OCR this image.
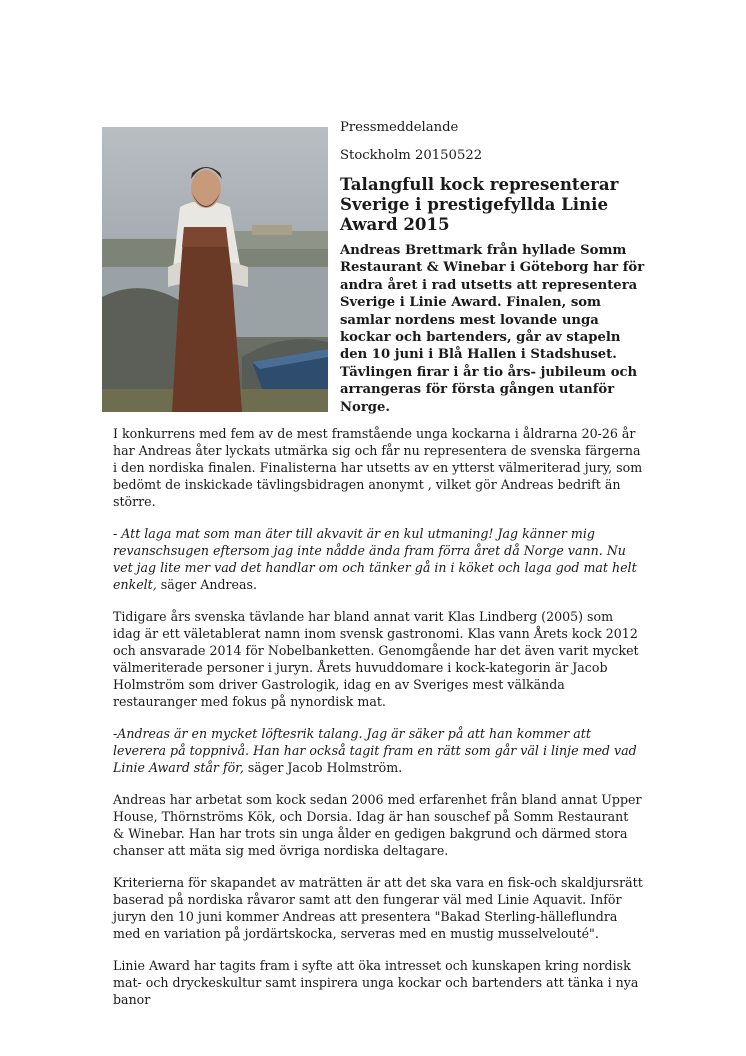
Pressmeddelande

Stockholm 20150522

Talangfull kock representerar Sverige i prestigefyllda Linie Award 2015

Andreas Brettmark från hyllade Somm Restaurant & Winebar i Göteborg har för andra året i rad utsetts att representera Sverige i Linie Award. Finalen, som samlar nordens mest lovande unga kockar och bartenders, går av stapeln den 10 juni i Blå Hallen i Stadshuset. Tävlingen firar i år tio års- jubileum och arrangeras för första gången utanför Norge.

I konkurrens med fem av de mest framstående unga kockarna i åldrarna 20-26 år har Andreas åter lyckats utmärka sig och får nu representera de svenska färgerna i den nordiska finalen. Finalisterna har utsetts av en ytterst välmeriterad jury, som bedömt de inskickade tävlingsbidragen anonymt , vilket gör Andreas bedrift än större.

- Att laga mat som man äter till akvavit är en kul utmaning! Jag känner mig revanschsugen eftersom jag inte nådde ända fram förra året då Norge vann. Nu vet jag lite mer vad det handlar om och tänker gå in i köket och laga god mat helt enkelt, säger Andreas.

Tidigare års svenska tävlande har bland annat varit Klas Lindberg (2005) som idag är ett väletablerat namn inom svensk gastronomi. Klas vann Årets kock 2012 och ansvarade 2014 för Nobelbanketten. Genomgående har det även varit mycket välmeriterade personer i juryn. Årets huvuddomare i kock-kategorin är Jacob Holmström som driver Gastrologik, idag en av Sveriges mest välkända restauranger med fokus på nynordisk mat.

-Andreas är en mycket löftesrik talang. Jag är säker på att han kommer att leverera på toppnivå. Han har också tagit fram en rätt som går väl i linje med vad Linie Award står för, säger Jacob Holmström.

Andreas har arbetat som kock sedan 2006 med erfarenhet från bland annat Upper House, Thörnströms Kök, och Dorsia. Idag är han souschef på Somm Restaurant & Winebar. Han har trots sin unga ålder en gedigen bakgrund och därmed stora chanser att mäta sig med övriga nordiska deltagare.

Kriterierna för skapandet av maträtten är att det ska vara en fisk-och skaldjursrätt baserad på nordiska råvaror samt att den fungerar väl med Linie Aquavit. Inför juryn den 10 juni kommer Andreas att presentera "Bakad Sterling-hälleflundra med en variation på jordärtskocka, serveras med en mustig musselvelouté".

Linie Award har tagits fram i syfte att öka intresset och kunskapen kring nordisk mat- och dryckeskultur samt inspirera unga kockar och bartenders att tänka i nya banor
